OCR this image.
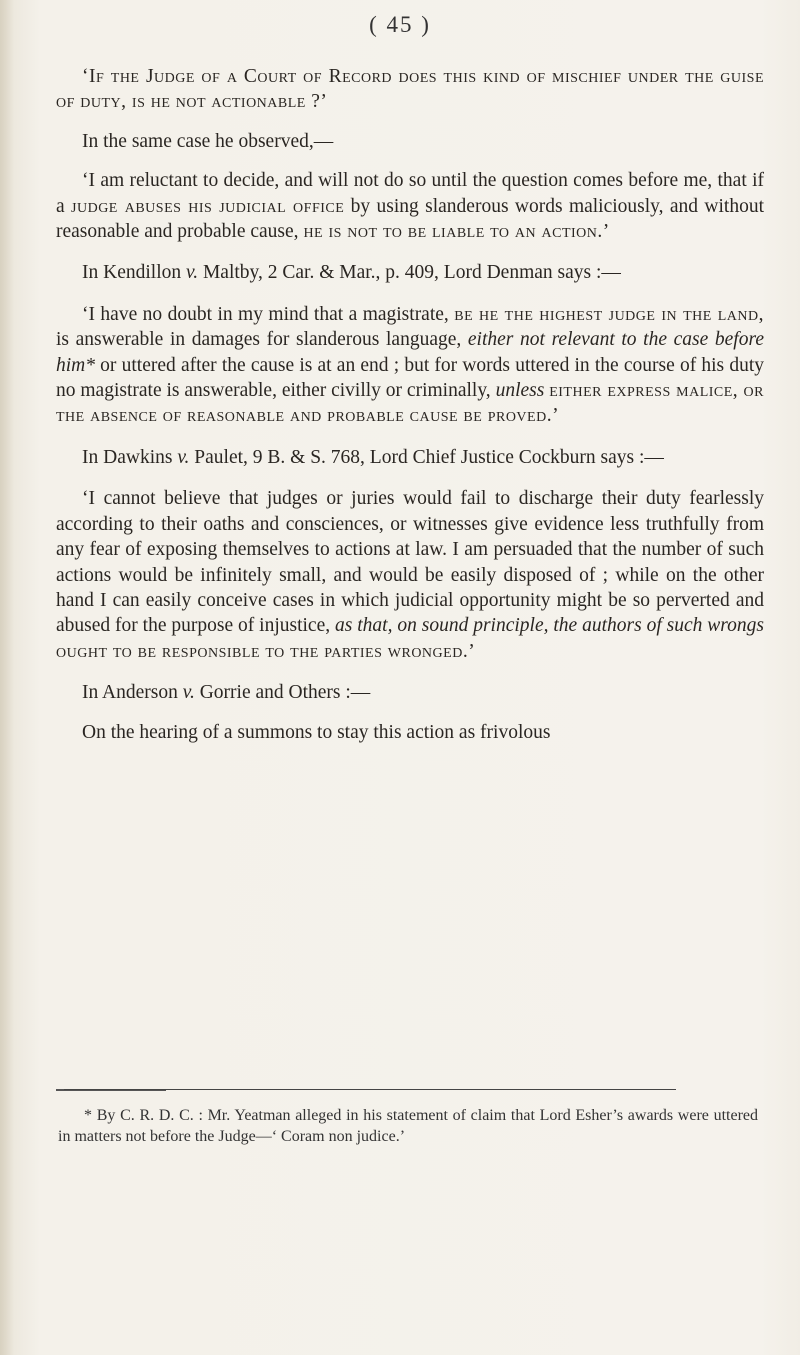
( 45 )

‘If the Judge of a Court of Record does this kind of mischief under the guise of duty, is he not actionable ?’

In the same case he observed,—

‘I am reluctant to decide, and will not do so until the question comes before me, that if a judge abuses his judicial office by using slanderous words maliciously, and without reasonable and probable cause, he is not to be liable to an action.’

In Kendillon v. Maltby, 2 Car. & Mar., p. 409, Lord Denman says :—

‘I have no doubt in my mind that a magistrate, be he the highest judge in the land, is answerable in damages for slanderous language, either not relevant to the case before him* or uttered after the cause is at an end ; but for words uttered in the course of his duty no magistrate is answerable, either civilly or criminally, unless either express malice, or the absence of reasonable and probable cause be proved.’

In Dawkins v. Paulet, 9 B. & S. 768, Lord Chief Justice Cockburn says :—

‘I cannot believe that judges or juries would fail to discharge their duty fearlessly according to their oaths and consciences, or witnesses give evidence less truthfully from any fear of exposing themselves to actions at law. I am persuaded that the number of such actions would be infinitely small, and would be easily disposed of ; while on the other hand I can easily conceive cases in which judicial opportunity might be so perverted and abused for the purpose of injustice, as that, on sound principle, the authors of such wrongs ought to be responsible to the parties wronged.’

In Anderson v. Gorrie and Others :—

On the hearing of a summons to stay this action as frivolous

* By C. R. D. C. : Mr. Yeatman alleged in his statement of claim that Lord Esher’s awards were uttered in matters not before the Judge—‘ Coram non judice.’
